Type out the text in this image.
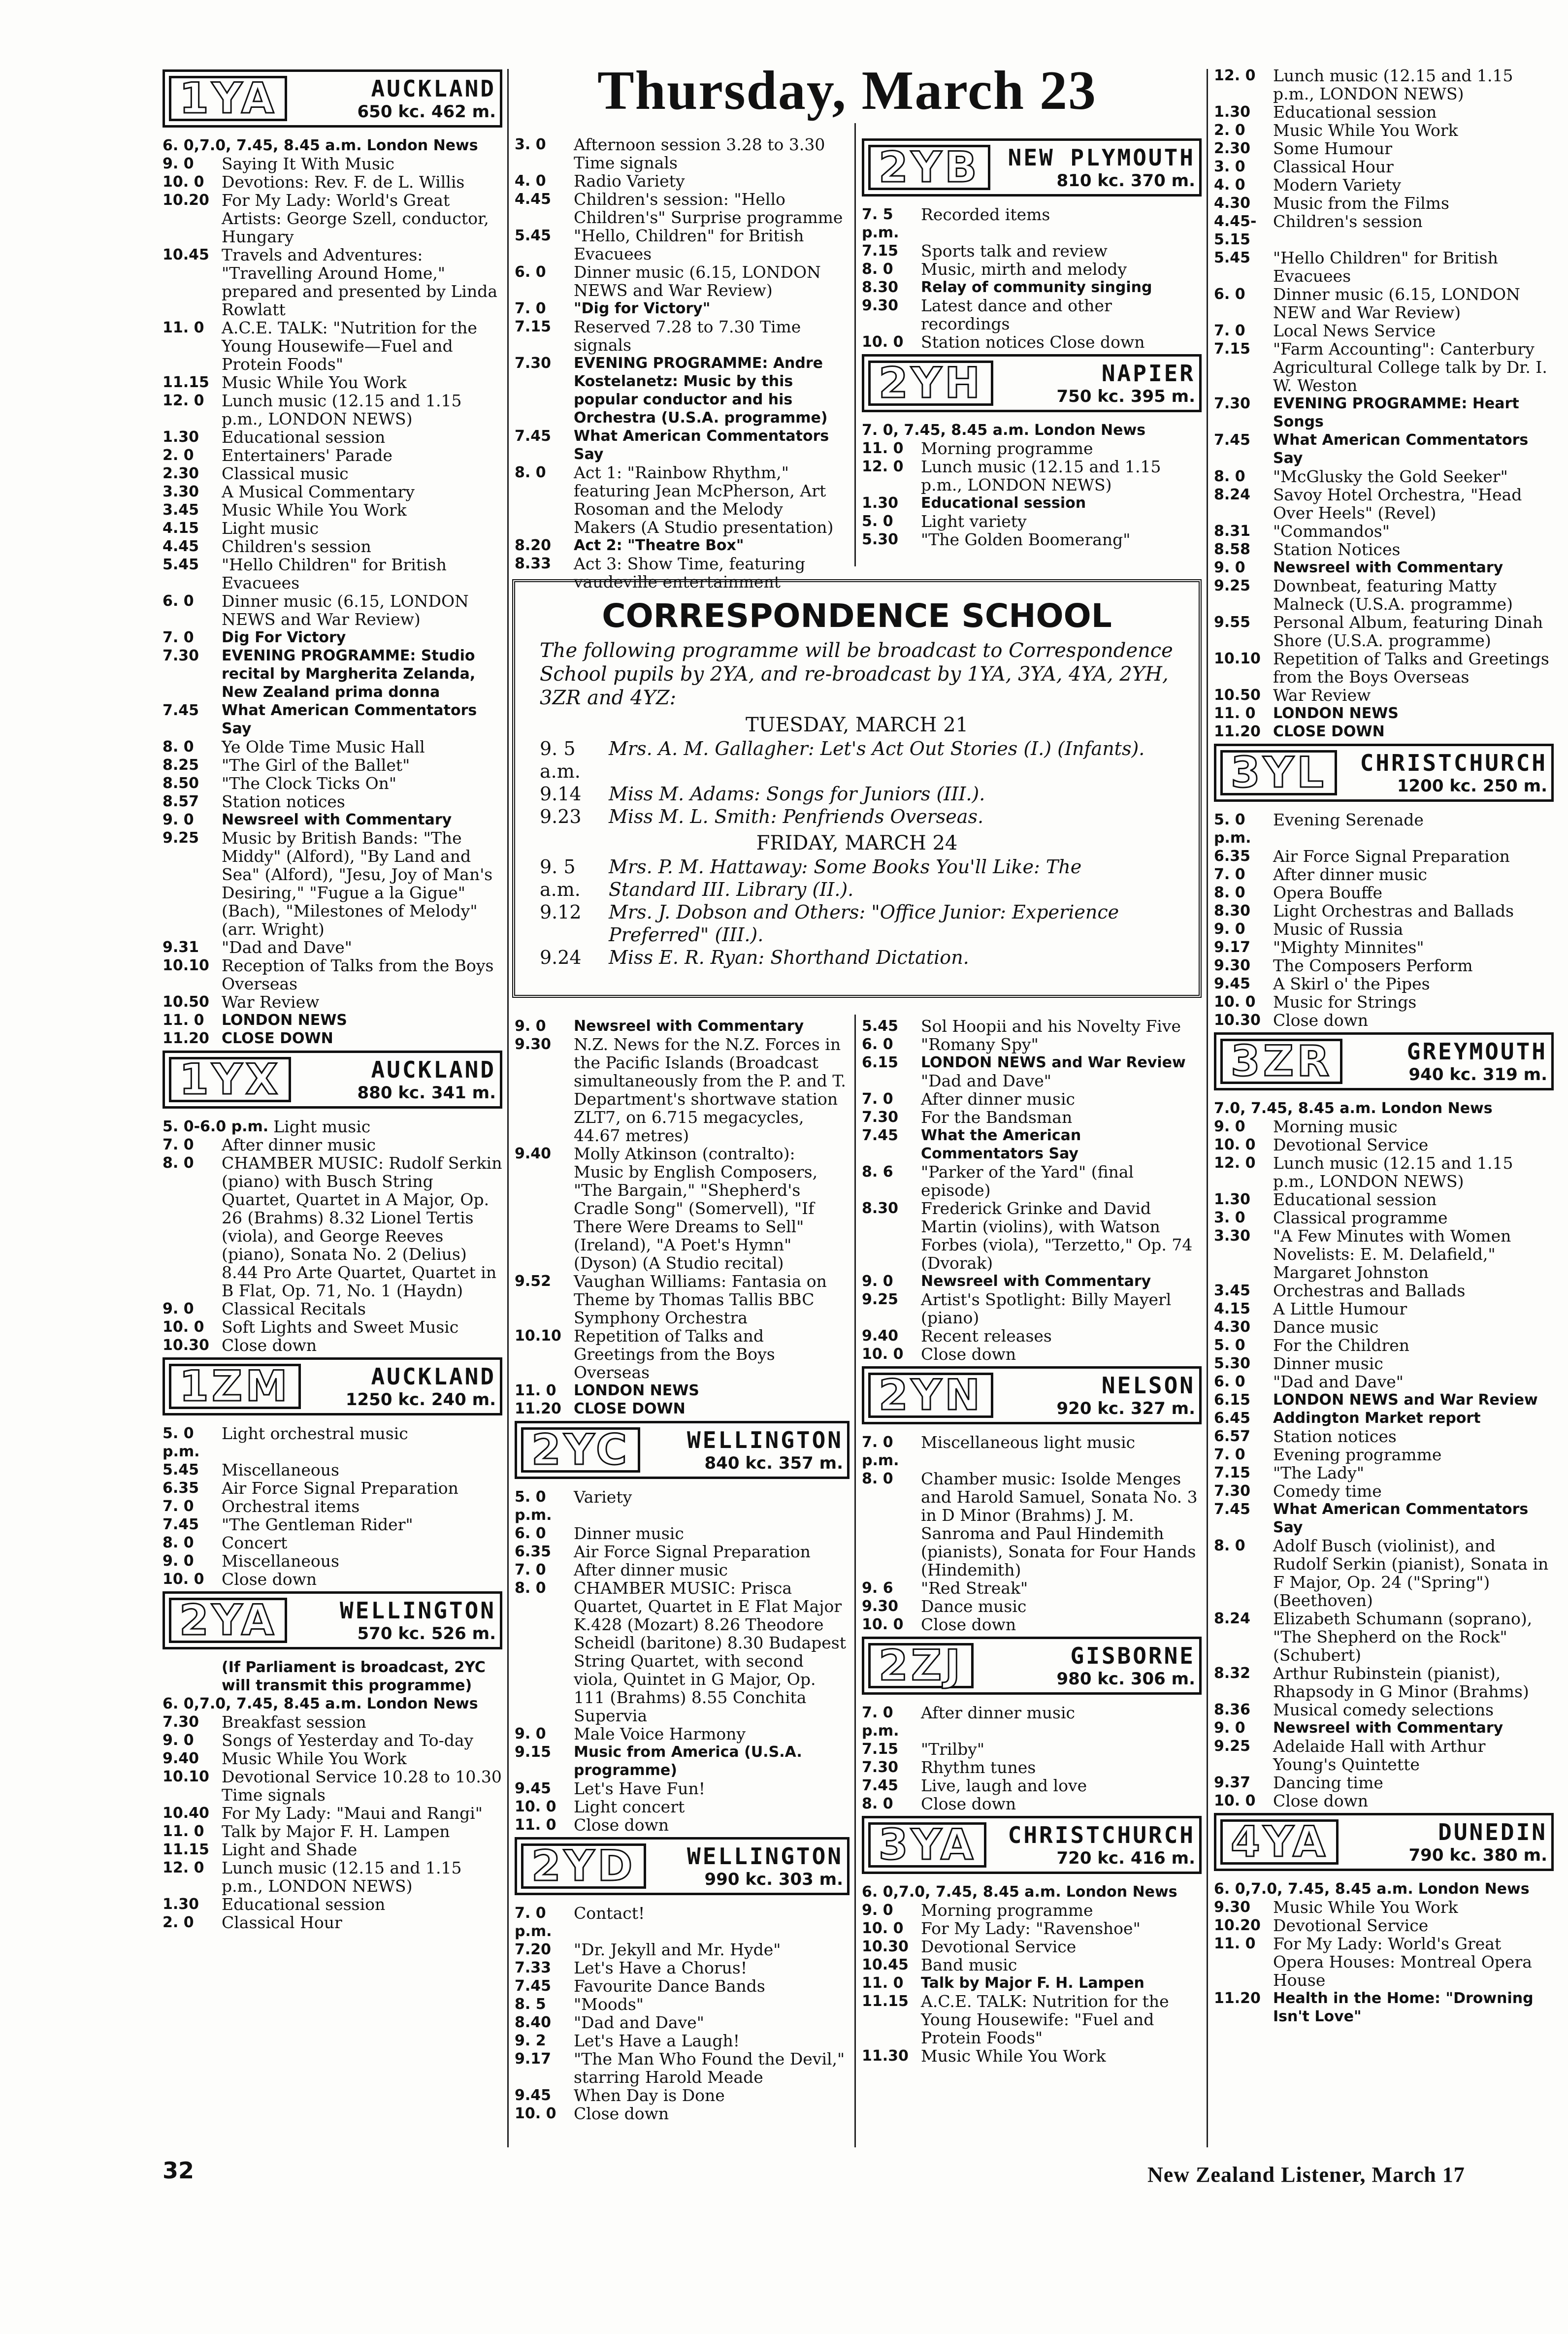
Thursday, March 23
1YA	AUCKLAND
650 kc. 462 m.
6. 0,7.0, 7.45, 8.45 a.m. London News
9. 0	Saying It With Music
10. 0	Devotions: Rev. F. de L. Willis
10.20 For My Lady: World's Great Artists: George Szell, conductor, Hungary
10.45 Travels and Adventures: "Travelling Around Home," prepared and presented by Linda Rowlatt
11. 0	A.C.E. TALK: "Nutrition for the Young Housewife—Fuel and Protein Foods"
11.15 Music While You Work
12. 0	Lunch music (12.15 and 1.15 p.m., LONDON NEWS)
1.30	Educational session
2. 0	Entertainers' Parade
2.30	Classical music
3.30	A Musical Commentary
3.45	Music While You Work
4.15	Light music
4.45	Children's session
5.45	"Hello Children" for British Evacuees
6. 0	Dinner music (6.15, LONDON NEWS and War Review)
7. 0	Dig For Victory
7.30	EVENING PROGRAMME: Studio recital by Margherita Zelanda, New Zealand prima donna
7.45	What American Commentators Say
8. 0	Ye Olde Time Music Hall
8.25	"The Girl of the Ballet"
8.50	"The Clock Ticks On"
8.57	Station notices
9. 0	Newsreel with Commentary
9.25	Music by British Bands: "The Middy" (Alford), "By Land and Sea" (Alford), "Jesu, Joy of Man's Desiring," "Fugue a la Gigue" (Bach), "Milestones of Melody" (arr. Wright)
9.31	"Dad and Dave"
10.10 Reception of Talks from the Boys Overseas
10.50 War Review
11. 0	LONDON NEWS
11.20 CLOSE DOWN
1YX	AUCKLAND
880 kc. 341 m.
5. 0-6.0 p.m. Light music
7. 0	After dinner music
8. 0	CHAMBER MUSIC: Rudolf Serkin (piano) with Busch String Quartet, Quartet in A Major, Op. 26 (Brahms) 8.32 Lionel Tertis (viola), and George Reeves (piano), Sonata No. 2 (Delius) 8.44 Pro Arte Quartet, Quartet in B Flat, Op. 71, No. 1 (Haydn)
9. 0	Classical Recitals
10. 0	Soft Lights and Sweet Music
10.30 Close down
1ZM	AUCKLAND
1250 kc. 240 m.
5. 0 p.m.
Light orchestral music
5.45	Miscellaneous
6.35	Air Force Signal Preparation
7. 0	Orchestral items
7.45	"The Gentleman Rider"
8. 0	Concert
9. 0	Miscellaneous
10. 0	Close down
2YA	WELLINGTON
570 kc. 526 m.
(If Parliament is broadcast, 2YC will transmit this programme)
6. 0,7.0, 7.45, 8.45 a.m. London News
7.30	Breakfast session
9. 0	Songs of Yesterday and To-day
9.40	Music While You Work
10.10 Devotional Service 10.28 to 10.30 Time signals
10.40 For My Lady: "Maui and Rangi"
11. 0	Talk by Major F. H. Lampen
11.15 Light and Shade
12. 0	Lunch music (12.15 and 1.15 p.m., LONDON NEWS)
1.30	Educational session
2. 0	Classical Hour
3. 0	Afternoon session 3.28 to 3.30 Time signals
4. 0	Radio Variety
4.45	Children's session: "Hello Children's" Surprise programme
5.45	"Hello, Children" for British Evacuees
6. 0	Dinner music (6.15, LONDON NEWS and War Review)
7. 0	"Dig for Victory"
7.15	Reserved 7.28 to 7.30 Time signals
7.30	EVENING PROGRAMME: Andre Kostelanetz: Music by this popular conductor and his Orchestra (U.S.A. programme)
7.45	What American Commentators Say
8. 0	Act 1: "Rainbow Rhythm," featuring Jean McPherson, Art Rosoman and the Melody Makers (A Studio presentation)
8.20	Act 2: "Theatre Box"
8.33	Act 3: Show Time, featuring vaudeville entertainment
2YB	NEW PLYMOUTH
810 kc. 370 m.
7. 5 p.m.
Recorded items
7.15	Sports talk and review
8. 0	Music, mirth and melody
8.30	Relay of community singing
9.30	Latest dance and other recordings
10. 0	Station notices Close down
2YH	NAPIER
750 kc. 395 m.
7. 0, 7.45, 8.45 a.m. London News
11. 0	Morning programme
12. 0	Lunch music (12.15 and 1.15 p.m., LONDON NEWS)
1.30	Educational session
5. 0	Light variety
5.30	"The Golden Boomerang"
CORRESPONDENCE SCHOOL
The following programme will be broadcast to Correspondence School pupils by 2YA, and re-broadcast by 1YA, 3YA, 4YA, 2YH, 3ZR and 4YZ:
TUESDAY, MARCH 21
9. 5 a.m.
Mrs. A. M. Gallagher: Let's Act Out Stories (I.) (Infants).
9.14	Miss M. Adams: Songs for Juniors (III.).
9.23	Miss M. L. Smith: Penfriends Overseas.
FRIDAY, MARCH 24
9. 5 a.m.
Mrs. P. M. Hattaway: Some Books You'll Like: The Standard III. Library (II.).
9.12	Mrs. J. Dobson and Others: "Office Junior: Experience Preferred" (III.).
9.24	Miss E. R. Ryan: Shorthand Dictation.
9. 0	Newsreel with Commentary
9.30	N.Z. News for the N.Z. Forces in the Pacific Islands (Broadcast simultaneously from the P. and T. Department's shortwave station ZLT7, on 6.715 megacycles, 44.67 metres)
9.40	Molly Atkinson (contralto): Music by English Composers, "The Bargain," "Shepherd's Cradle Song" (Somervell), "If There Were Dreams to Sell" (Ireland), "A Poet's Hymn" (Dyson) (A Studio recital)
9.52	Vaughan Williams: Fantasia on Theme by Thomas Tallis BBC Symphony Orchestra
10.10 Repetition of Talks and Greetings from the Boys Overseas
11. 0	LONDON NEWS
11.20 CLOSE DOWN
2YC	WELLINGTON
840 kc. 357 m.
5. 0 p.m.
Variety
6. 0	Dinner music
6.35	Air Force Signal Preparation
7. 0	After dinner music
8. 0	CHAMBER MUSIC: Prisca Quartet, Quartet in E Flat Major K.428 (Mozart) 8.26 Theodore Scheidl (baritone) 8.30 Budapest String Quartet, with second viola, Quintet in G Major, Op. 111 (Brahms) 8.55 Conchita Supervia
9. 0	Male Voice Harmony
9.15	Music from America (U.S.A. programme)
9.45	Let's Have Fun!
10. 0	Light concert
11. 0	Close down
2YD	WELLINGTON
990 kc. 303 m.
7. 0 p.m.
Contact!
7.20	"Dr. Jekyll and Mr. Hyde"
7.33	Let's Have a Chorus!
7.45	Favourite Dance Bands
8. 5	"Moods"
8.40	"Dad and Dave"
9. 2	Let's Have a Laugh!
9.17	"The Man Who Found the Devil," starring Harold Meade
9.45	When Day is Done
10. 0	Close down
5.45	Sol Hoopii and his Novelty Five
6. 0	"Romany Spy"
6.15	LONDON NEWS and War Review
"Dad and Dave"
7. 0	After dinner music
7.30	For the Bandsman
7.45	What the American Commentators Say
8. 6	"Parker of the Yard" (final episode)
8.30	Frederick Grinke and David Martin (violins), with Watson Forbes (viola), "Terzetto," Op. 74 (Dvorak)
9. 0	Newsreel with Commentary
9.25	Artist's Spotlight: Billy Mayerl (piano)
9.40	Recent releases
10. 0	Close down
2YN	NELSON
920 kc. 327 m.
7. 0 p.m.
Miscellaneous light music
8. 0	Chamber music: Isolde Menges and Harold Samuel, Sonata No. 3 in D Minor (Brahms) J. M. Sanroma and Paul Hindemith (pianists), Sonata for Four Hands (Hindemith)
9. 6	"Red Streak"
9.30	Dance music
10. 0	Close down
2ZJ	GISBORNE
980 kc. 306 m.
7. 0 p.m.
After dinner music
7.15	"Trilby"
7.30	Rhythm tunes
7.45	Live, laugh and love
8. 0	Close down
3YA	CHRISTCHURCH
720 kc. 416 m.
6. 0,7.0, 7.45, 8.45 a.m. London News
9. 0	Morning programme
10. 0	For My Lady: "Ravenshoe"
10.30 Devotional Service
10.45 Band music
11. 0	Talk by Major F. H. Lampen
11.15 A.C.E. TALK: Nutrition for the Young Housewife: "Fuel and Protein Foods"
11.30 Music While You Work
12. 0	Lunch music (12.15 and 1.15 p.m., LONDON NEWS)
1.30	Educational session
2. 0	Music While You Work
2.30	Some Humour
3. 0	Classical Hour
4. 0	Modern Variety
4.30	Music from the Films
4.45-5.15
Children's session
5.45	"Hello Children" for British Evacuees
6. 0	Dinner music (6.15, LONDON NEW and War Review)
7. 0	Local News Service
7.15	"Farm Accounting": Canterbury Agricultural College talk by Dr. I. W. Weston
7.30	EVENING PROGRAMME: Heart Songs
7.45	What American Commentators Say
8. 0	"McGlusky the Gold Seeker"
8.24	Savoy Hotel Orchestra, "Head Over Heels" (Revel)
8.31	"Commandos"
8.58	Station Notices
9. 0	Newsreel with Commentary
9.25	Downbeat, featuring Matty Malneck (U.S.A. programme)
9.55	Personal Album, featuring Dinah Shore (U.S.A. programme)
10.10 Repetition of Talks and Greetings from the Boys Overseas
10.50 War Review
11. 0	LONDON NEWS
11.20 CLOSE DOWN
3YL	CHRISTCHURCH
1200 kc. 250 m.
5. 0 p.m.
Evening Serenade
6.35	Air Force Signal Preparation
7. 0	After dinner music
8. 0	Opera Bouffe
8.30	Light Orchestras and Ballads
9. 0	Music of Russia
9.17	"Mighty Minnites"
9.30	The Composers Perform
9.45	A Skirl o' the Pipes
10. 0	Music for Strings
10.30 Close down
3ZR	GREYMOUTH
940 kc. 319 m.
7.0, 7.45, 8.45 a.m. London News
9. 0	Morning music
10. 0	Devotional Service
12. 0	Lunch music (12.15 and 1.15 p.m., LONDON NEWS)
1.30	Educational session
3. 0	Classical programme
3.30	"A Few Minutes with Women Novelists: E. M. Delafield," Margaret Johnston
3.45	Orchestras and Ballads
4.15	A Little Humour
4.30	Dance music
5. 0	For the Children
5.30	Dinner music
6. 0	"Dad and Dave"
6.15	LONDON NEWS and War Review
6.45	Addington Market report
6.57	Station notices
7. 0	Evening programme
7.15	"The Lady"
7.30	Comedy time
7.45	What American Commentators Say
8. 0	Adolf Busch (violinist), and Rudolf Serkin (pianist), Sonata in F Major, Op. 24 ("Spring") (Beethoven)
8.24	Elizabeth Schumann (soprano), "The Shepherd on the Rock" (Schubert)
8.32	Arthur Rubinstein (pianist), Rhapsody in G Minor (Brahms)
8.36	Musical comedy selections
9. 0	Newsreel with Commentary
9.25	Adelaide Hall with Arthur Young's Quintette
9.37	Dancing time
10. 0	Close down
4YA	DUNEDIN
790 kc. 380 m.
6. 0,7.0, 7.45, 8.45 a.m. London News
9.30	Music While You Work
10.20 Devotional Service
11. 0	For My Lady: World's Great Opera Houses: Montreal Opera House
11.20 Health in the Home: "Drowning Isn't Love"
32	New Zealand Listener, March 17
